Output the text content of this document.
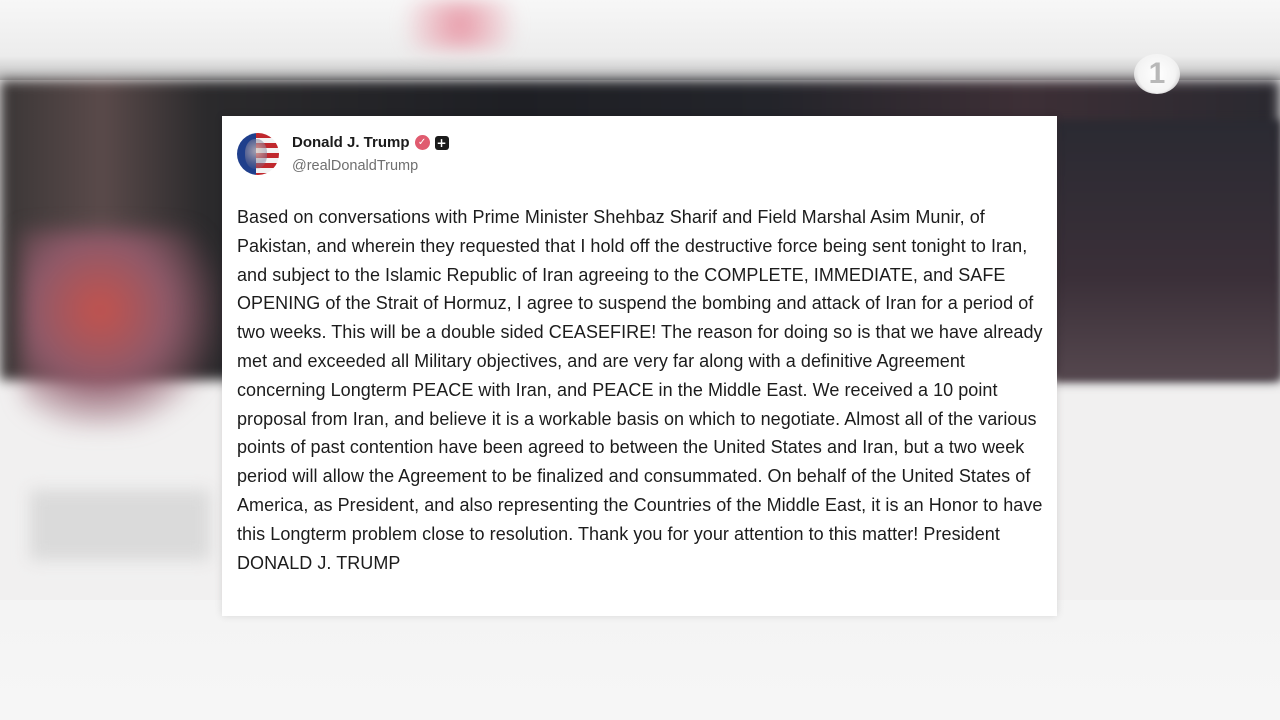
1
Donald J. Trump ✓ +
@realDonaldTrump
Based on conversations with Prime Minister Shehbaz Sharif and Field Marshal Asim Munir, of Pakistan, and wherein they requested that I hold off the destructive force being sent tonight to Iran, and subject to the Islamic Republic of Iran agreeing to the COMPLETE, IMMEDIATE, and SAFE OPENING of the Strait of Hormuz, I agree to suspend the bombing and attack of Iran for a period of two weeks. This will be a double sided CEASEFIRE! The reason for doing so is that we have already met and exceeded all Military objectives, and are very far along with a definitive Agreement concerning Longterm PEACE with Iran, and PEACE in the Middle East. We received a 10 point proposal from Iran, and believe it is a workable basis on which to negotiate. Almost all of the various points of past contention have been agreed to between the United States and Iran, but a two week period will allow the Agreement to be finalized and consummated. On behalf of the United States of America, as President, and also representing the Countries of the Middle East, it is an Honor to have this Longterm problem close to resolution. Thank you for your attention to this matter! President DONALD J. TRUMP
